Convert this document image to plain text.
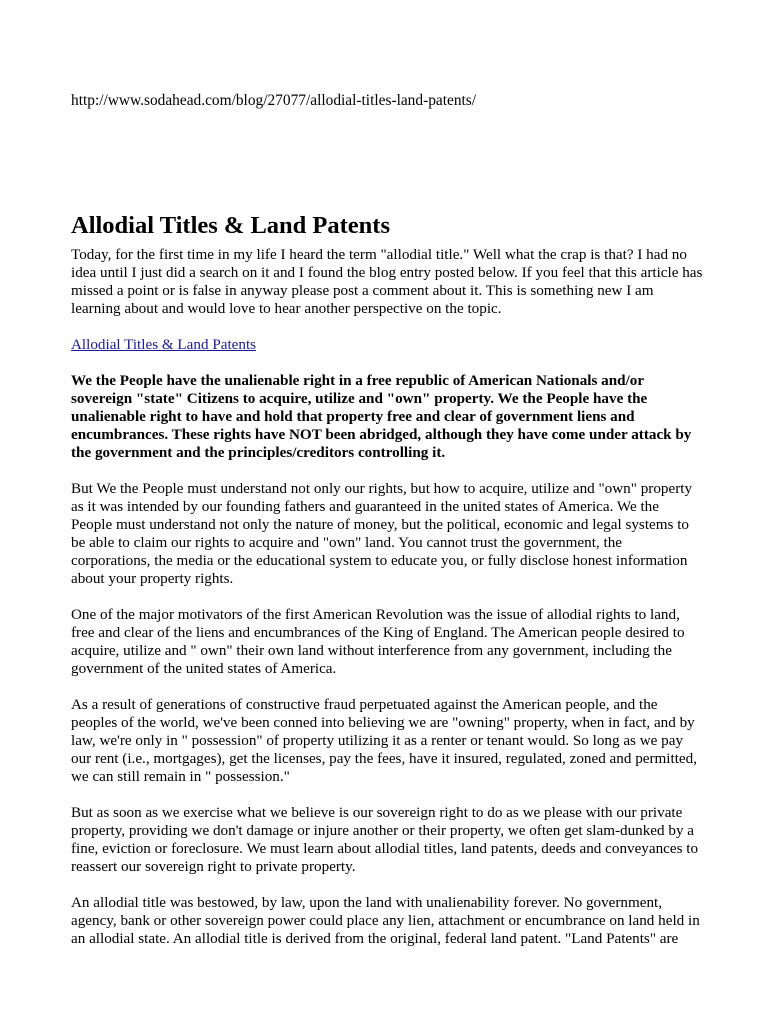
http://www.sodahead.com/blog/27077/allodial-titles-land-patents/
Allodial Titles & Land Patents

Today, for the first time in my life I heard the term "allodial title." Well what the crap is that? I had no idea until I just did a search on it and I found the blog entry posted below. If you feel that this article has missed a point or is false in anyway please post a comment about it. This is something new I am learning about and would love to hear another perspective on the topic.

Allodial Titles & Land Patents

We the People have the unalienable right in a free republic of American Nationals and/or sovereign "state" Citizens to acquire, utilize and "own" property. We the People have the unalienable right to have and hold that property free and clear of government liens and encumbrances. These rights have NOT been abridged, although they have come under attack by the government and the principles/creditors controlling it.

But We the People must understand not only our rights, but how to acquire, utilize and "own" property as it was intended by our founding fathers and guaranteed in the united states of America. We the People must understand not only the nature of money, but the political, economic and legal systems to be able to claim our rights to acquire and "own" land. You cannot trust the government, the corporations, the media or the educational system to educate you, or fully disclose honest information about your property rights.

One of the major motivators of the first American Revolution was the issue of allodial rights to land, free and clear of the liens and encumbrances of the King of England. The American people desired to acquire, utilize and " own" their own land without interference from any government, including the government of the united states of America.

As a result of generations of constructive fraud perpetuated against the American people, and the peoples of the world, we've been conned into believing we are "owning" property, when in fact, and by law, we're only in " possession" of property utilizing it as a renter or tenant would. So long as we pay our rent (i.e., mortgages), get the licenses, pay the fees, have it insured, regulated, zoned and permitted, we can still remain in " possession."

But as soon as we exercise what we believe is our sovereign right to do as we please with our private property, providing we don't damage or injure another or their property, we often get slam-dunked by a fine, eviction or foreclosure. We must learn about allodial titles, land patents, deeds and conveyances to reassert our sovereign right to private property.

An allodial title was bestowed, by law, upon the land with unalienability forever. No government, agency, bank or other sovereign power could place any lien, attachment or encumbrance on land held in an allodial state. An allodial title is derived from the original, federal land patent. "Land Patents" are
